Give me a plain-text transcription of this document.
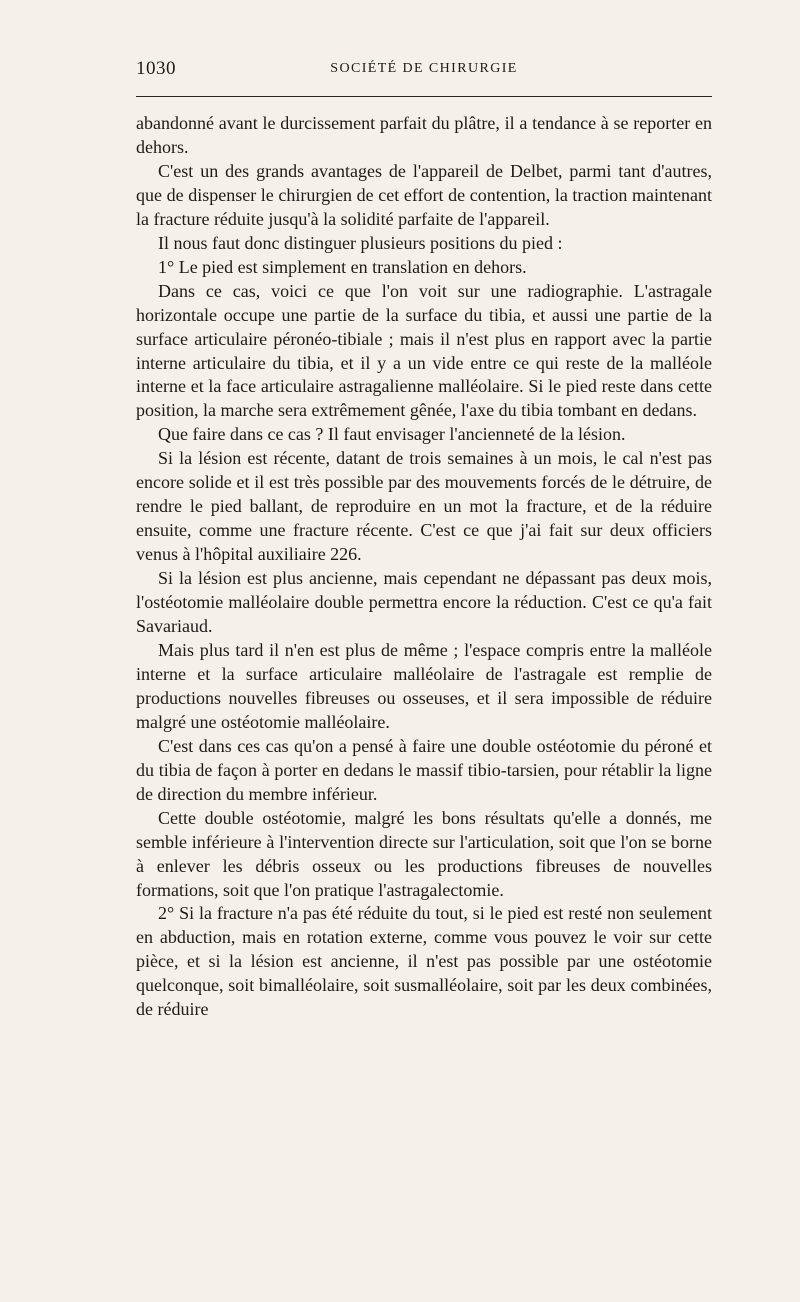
1030	SOCIÉTÉ DE CHIRURGIE

abandonné avant le durcissement parfait du plâtre, il a tendance à se reporter en dehors.

C'est un des grands avantages de l'appareil de Delbet, parmi tant d'autres, que de dispenser le chirurgien de cet effort de contention, la traction maintenant la fracture réduite jusqu'à la solidité parfaite de l'appareil.

Il nous faut donc distinguer plusieurs positions du pied :

1° Le pied est simplement en translation en dehors.

Dans ce cas, voici ce que l'on voit sur une radiographie. L'astragale horizontale occupe une partie de la surface du tibia, et aussi une partie de la surface articulaire péronéo-tibiale ; mais il n'est plus en rapport avec la partie interne articulaire du tibia, et il y a un vide entre ce qui reste de la malléole interne et la face articulaire astragalienne malléolaire. Si le pied reste dans cette position, la marche sera extrêmement gênée, l'axe du tibia tombant en dedans.

Que faire dans ce cas ? Il faut envisager l'ancienneté de la lésion.

Si la lésion est récente, datant de trois semaines à un mois, le cal n'est pas encore solide et il est très possible par des mouvements forcés de le détruire, de rendre le pied ballant, de reproduire en un mot la fracture, et de la réduire ensuite, comme une fracture récente. C'est ce que j'ai fait sur deux officiers venus à l'hôpital auxiliaire 226.

Si la lésion est plus ancienne, mais cependant ne dépassant pas deux mois, l'ostéotomie malléolaire double permettra encore la réduction. C'est ce qu'a fait Savariaud.

Mais plus tard il n'en est plus de même ; l'espace compris entre la malléole interne et la surface articulaire malléolaire de l'astragale est remplie de productions nouvelles fibreuses ou osseuses, et il sera impossible de réduire malgré une ostéotomie malléolaire.

C'est dans ces cas qu'on a pensé à faire une double ostéotomie du péroné et du tibia de façon à porter en dedans le massif tibio-tarsien, pour rétablir la ligne de direction du membre inférieur.

Cette double ostéotomie, malgré les bons résultats qu'elle a donnés, me semble inférieure à l'intervention directe sur l'articulation, soit que l'on se borne à enlever les débris osseux ou les productions fibreuses de nouvelles formations, soit que l'on pratique l'astragalectomie.

2° Si la fracture n'a pas été réduite du tout, si le pied est resté non seulement en abduction, mais en rotation externe, comme vous pouvez le voir sur cette pièce, et si la lésion est ancienne, il n'est pas possible par une ostéotomie quelconque, soit bimalléolaire, soit susmalléolaire, soit par les deux combinées, de réduire
